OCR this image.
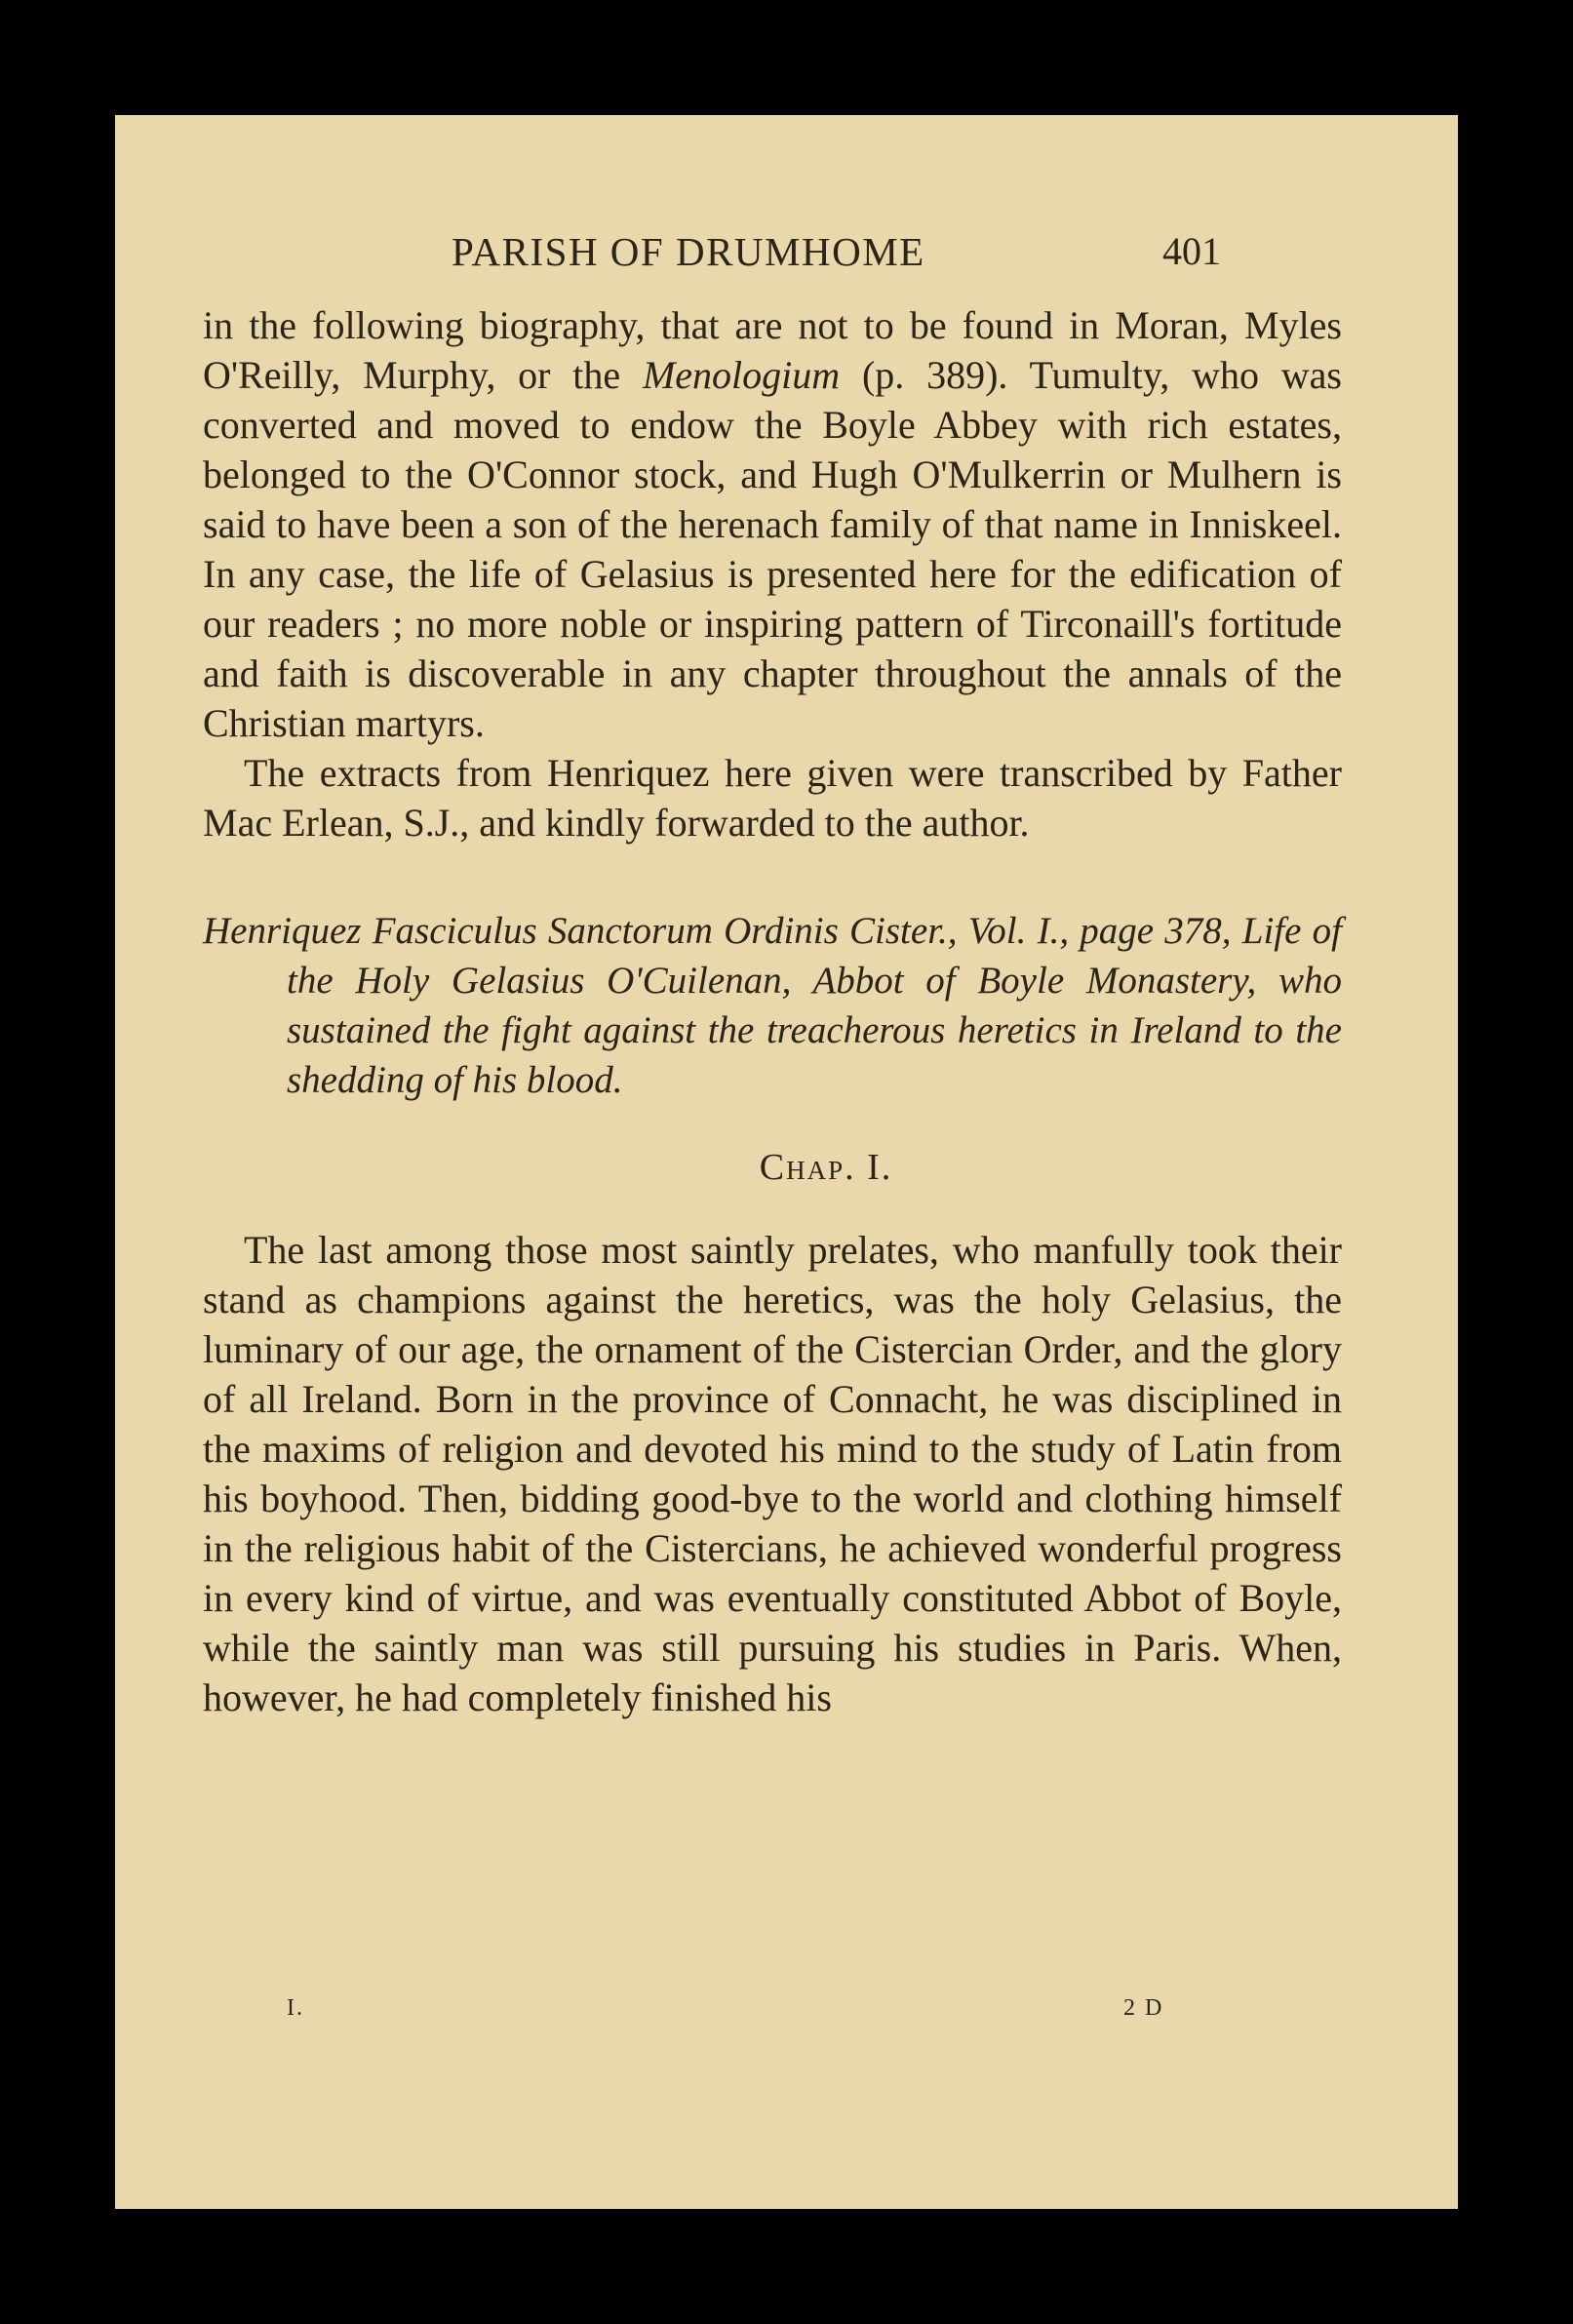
PARISH OF DRUMHOME	401

in the following biography, that are not to be found in Moran, Myles O'Reilly, Murphy, or the Menologium (p. 389). Tumulty, who was converted and moved to endow the Boyle Abbey with rich estates, belonged to the O'Connor stock, and Hugh O'Mulkerrin or Mulhern is said to have been a son of the herenach family of that name in Inniskeel. In any case, the life of Gelasius is presented here for the edification of our readers ; no more noble or inspiring pattern of Tirconaill's fortitude and faith is discoverable in any chapter throughout the annals of the Christian martyrs.

The extracts from Henriquez here given were transcribed by Father Mac Erlean, S.J., and kindly forwarded to the author.

Henriquez Fasciculus Sanctorum Ordinis Cister., Vol. I., page 378, Life of the Holy Gelasius O'Cuilenan, Abbot of Boyle Monastery, who sustained the fight against the treacherous heretics in Ireland to the shedding of his blood.

Chap. I.

The last among those most saintly prelates, who manfully took their stand as champions against the heretics, was the holy Gelasius, the luminary of our age, the ornament of the Cistercian Order, and the glory of all Ireland. Born in the province of Connacht, he was disciplined in the maxims of religion and devoted his mind to the study of Latin from his boyhood. Then, bidding good-bye to the world and clothing himself in the religious habit of the Cistercians, he achieved wonderful progress in every kind of virtue, and was eventually constituted Abbot of Boyle, while the saintly man was still pursuing his studies in Paris. When, however, he had completely finished his

I.	2 D
